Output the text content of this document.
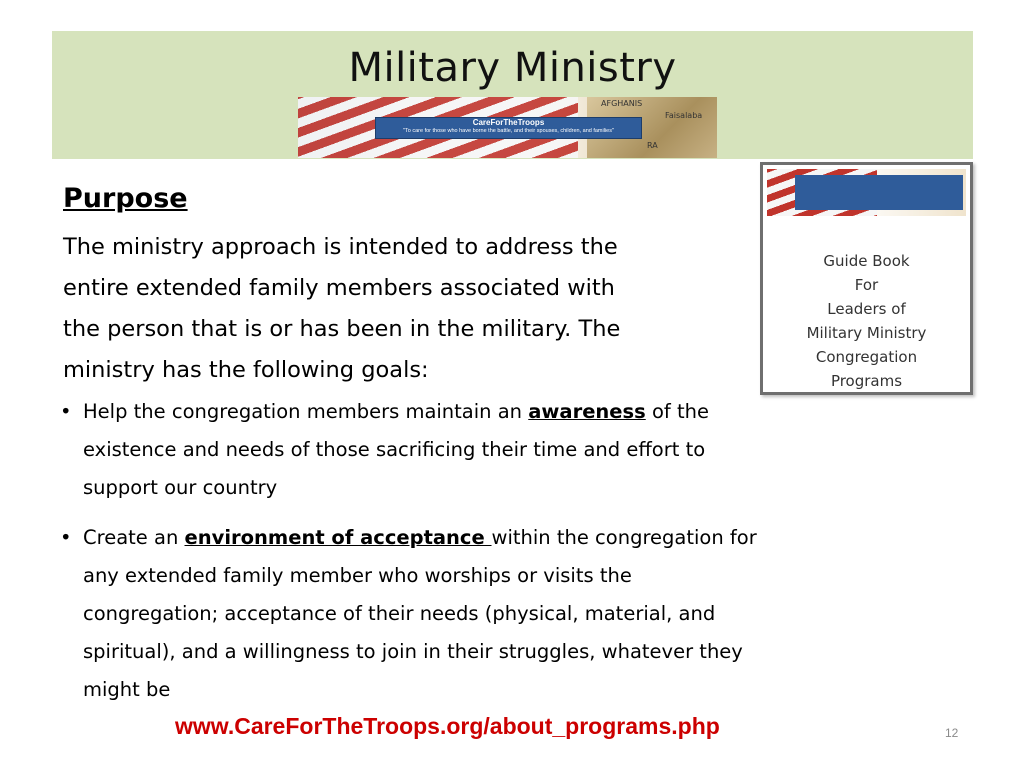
Military Ministry
AFGHANIS
Faisalaba
RA
CareForTheTroops
"To care for those who have borne the battle, and their spouses, children, and families"
Guide Book
For
Leaders of
Military Ministry
Congregation
Programs
Purpose
The ministry approach is intended to address the
entire extended family members associated with
the person that is or has been in the military. The
ministry has the following goals:
• Help the congregation members maintain an awareness of the
existence and needs of those sacrificing their time and effort to
support our country
• Create an environment of acceptance within the congregation for
any extended family member who worships or visits the
congregation; acceptance of their needs (physical, material, and
spiritual), and a willingness to join in their struggles, whatever they
might be
www.CareForTheTroops.org/about_programs.php	12
